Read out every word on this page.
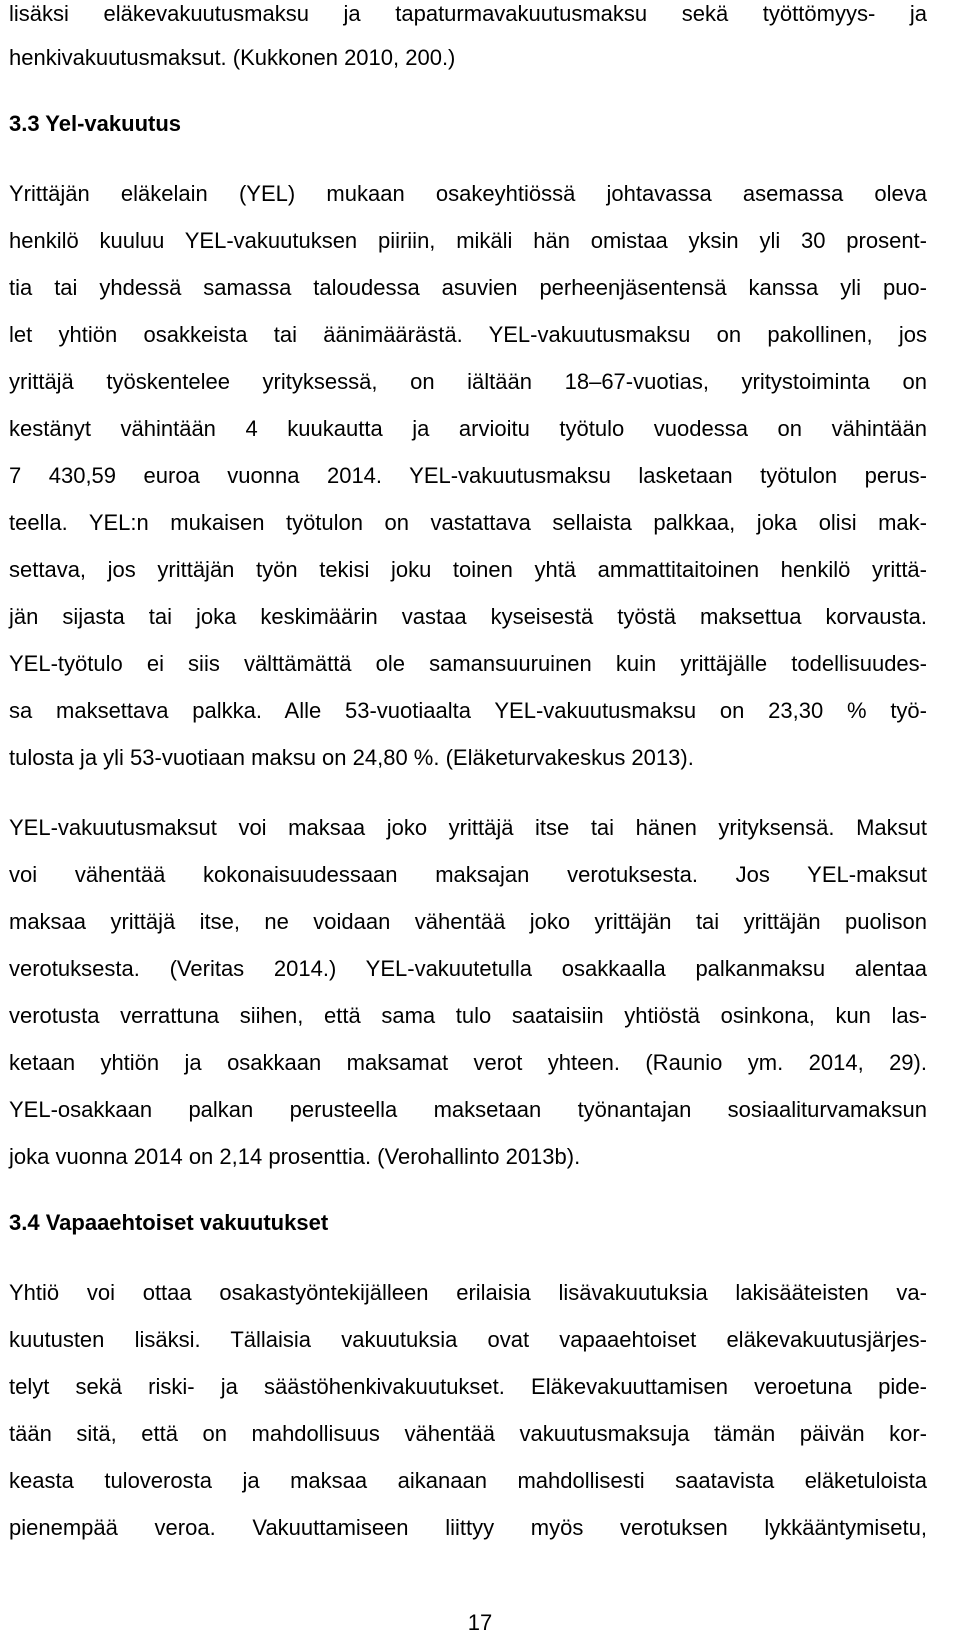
lisäksi eläkevakuutusmaksu ja tapaturmavakuutusmaksu sekä työttömyys- ja
henkivakuutusmaksut. (Kukkonen 2010, 200.)
3.3 Yel-vakuutus
Yrittäjän eläkelain (YEL) mukaan osakeyhtiössä johtavassa asemassa oleva
henkilö kuuluu YEL-vakuutuksen piiriin, mikäli hän omistaa yksin yli 30 prosent-
tia tai yhdessä samassa taloudessa asuvien perheenjäsentensä kanssa yli puo-
let yhtiön osakkeista tai äänimäärästä. YEL-vakuutusmaksu on pakollinen, jos
yrittäjä työskentelee yrityksessä, on iältään 18–67-vuotias, yritystoiminta on
kestänyt vähintään 4 kuukautta ja arvioitu työtulo vuodessa on vähintään
7 430,59 euroa vuonna 2014. YEL-vakuutusmaksu lasketaan työtulon perus-
teella. YEL:n mukaisen työtulon on vastattava sellaista palkkaa, joka olisi mak-
settava, jos yrittäjän työn tekisi joku toinen yhtä ammattitaitoinen henkilö yrittä-
jän sijasta tai joka keskimäärin vastaa kyseisestä työstä maksettua korvausta.
YEL-työtulo ei siis välttämättä ole samansuuruinen kuin yrittäjälle todellisuudes-
sa maksettava palkka. Alle 53-vuotiaalta YEL-vakuutusmaksu on 23,30 % työ-
tulosta ja yli 53-vuotiaan maksu on 24,80 %. (Eläketurvakeskus 2013).
YEL-vakuutusmaksut voi maksaa joko yrittäjä itse tai hänen yrityksensä. Maksut
voi vähentää kokonaisuudessaan maksajan verotuksesta. Jos YEL-maksut
maksaa yrittäjä itse, ne voidaan vähentää joko yrittäjän tai yrittäjän puolison
verotuksesta. (Veritas 2014.) YEL-vakuutetulla osakkaalla palkanmaksu alentaa
verotusta verrattuna siihen, että sama tulo saataisiin yhtiöstä osinkona, kun las-
ketaan yhtiön ja osakkaan maksamat verot yhteen. (Raunio ym. 2014, 29).
YEL-osakkaan palkan perusteella maksetaan työnantajan sosiaaliturvamaksun
joka vuonna 2014 on 2,14 prosenttia. (Verohallinto 2013b).
3.4 Vapaaehtoiset vakuutukset
Yhtiö voi ottaa osakastyöntekijälleen erilaisia lisävakuutuksia lakisääteisten va-
kuutusten lisäksi. Tällaisia vakuutuksia ovat vapaaehtoiset eläkevakuutusjärjes-
telyt sekä riski- ja säästöhenkivakuutukset. Eläkevakuuttamisen veroetuna pide-
tään sitä, että on mahdollisuus vähentää vakuutusmaksuja tämän päivän kor-
keasta tuloverosta ja maksaa aikanaan mahdollisesti saatavista eläketuloista
pienempää veroa. Vakuuttamiseen liittyy myös verotuksen lykkääntymisetu,
17
